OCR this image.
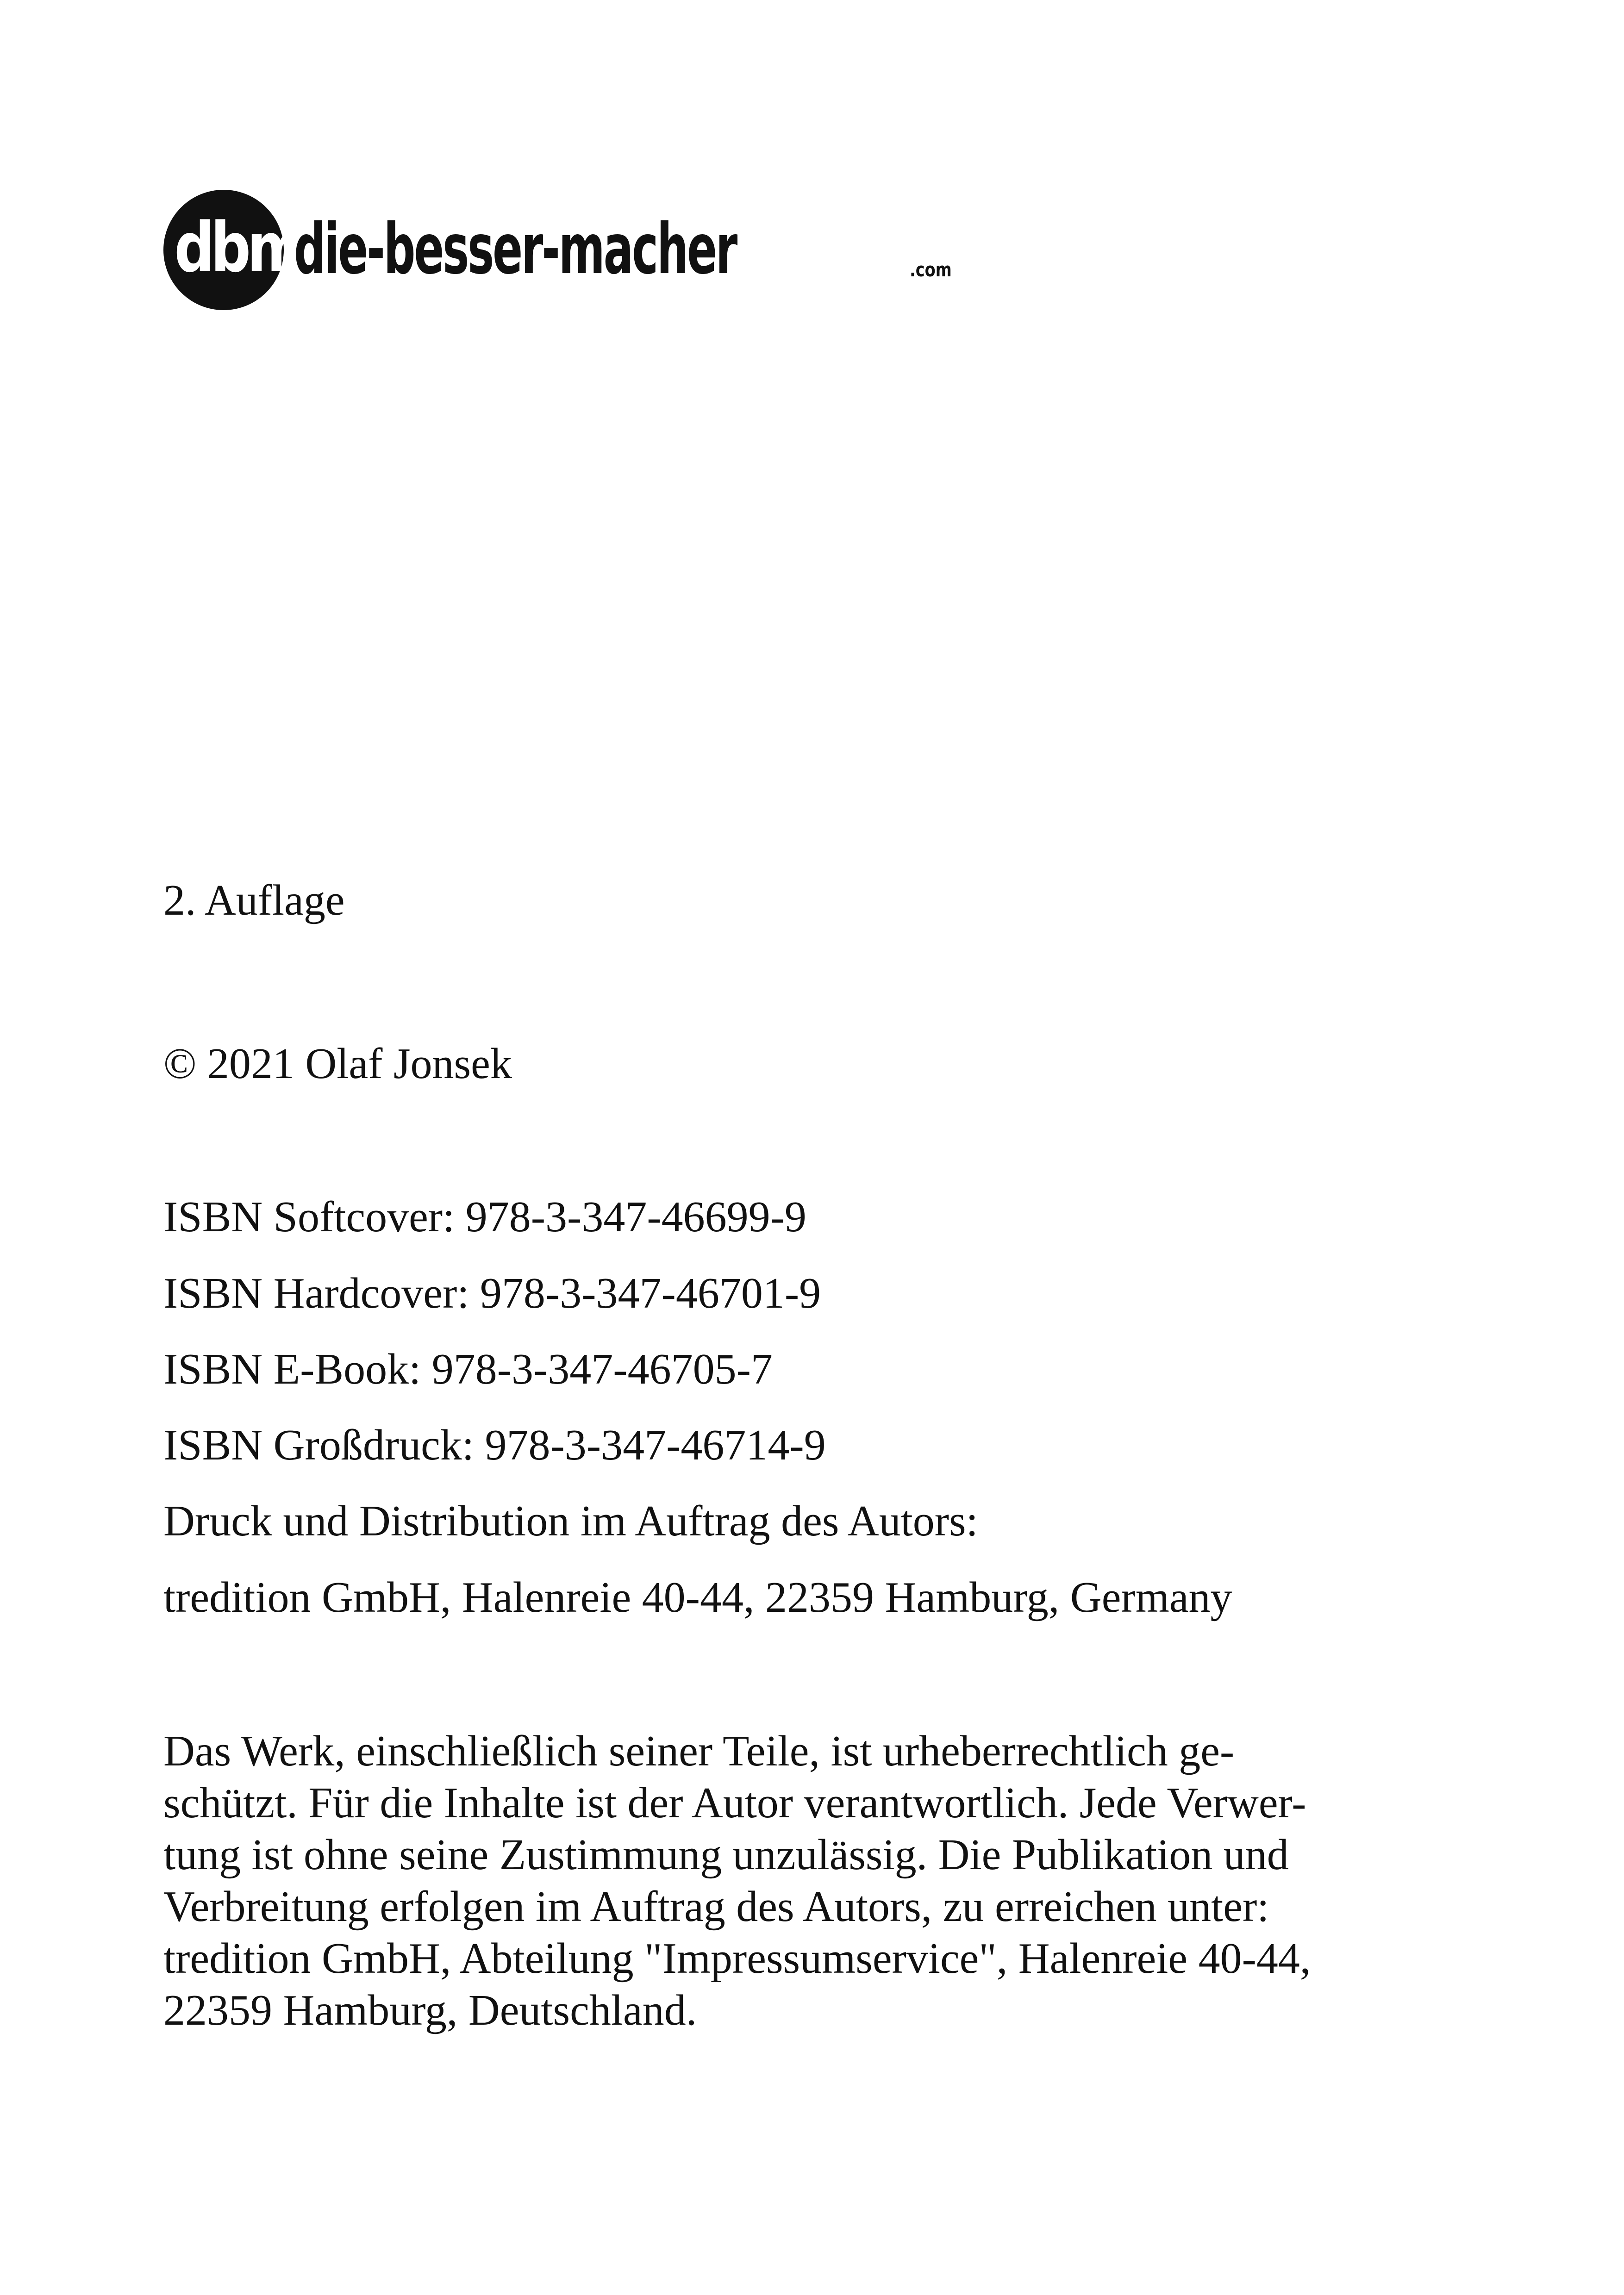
dbm
die-besser-macher	.com
2. Auflage
© 2021 Olaf Jonsek
ISBN Softcover: 978-3-347-46699-9
ISBN Hardcover: 978-3-347-46701-9
ISBN E-Book: 978-3-347-46705-7
ISBN Großdruck: 978-3-347-46714-9
Druck und Distribution im Auftrag des Autors:
tredition GmbH, Halenreie 40-44, 22359 Hamburg, Germany
Das Werk, einschließlich seiner Teile, ist urheberrechtlich ge-
schützt. Für die Inhalte ist der Autor verantwortlich. Jede Verwer-
tung ist ohne seine Zustimmung unzulässig. Die Publikation und
Verbreitung erfolgen im Auftrag des Autors, zu erreichen unter:
tredition GmbH, Abteilung "Impressumservice", Halenreie 40-44,
22359 Hamburg, Deutschland.
